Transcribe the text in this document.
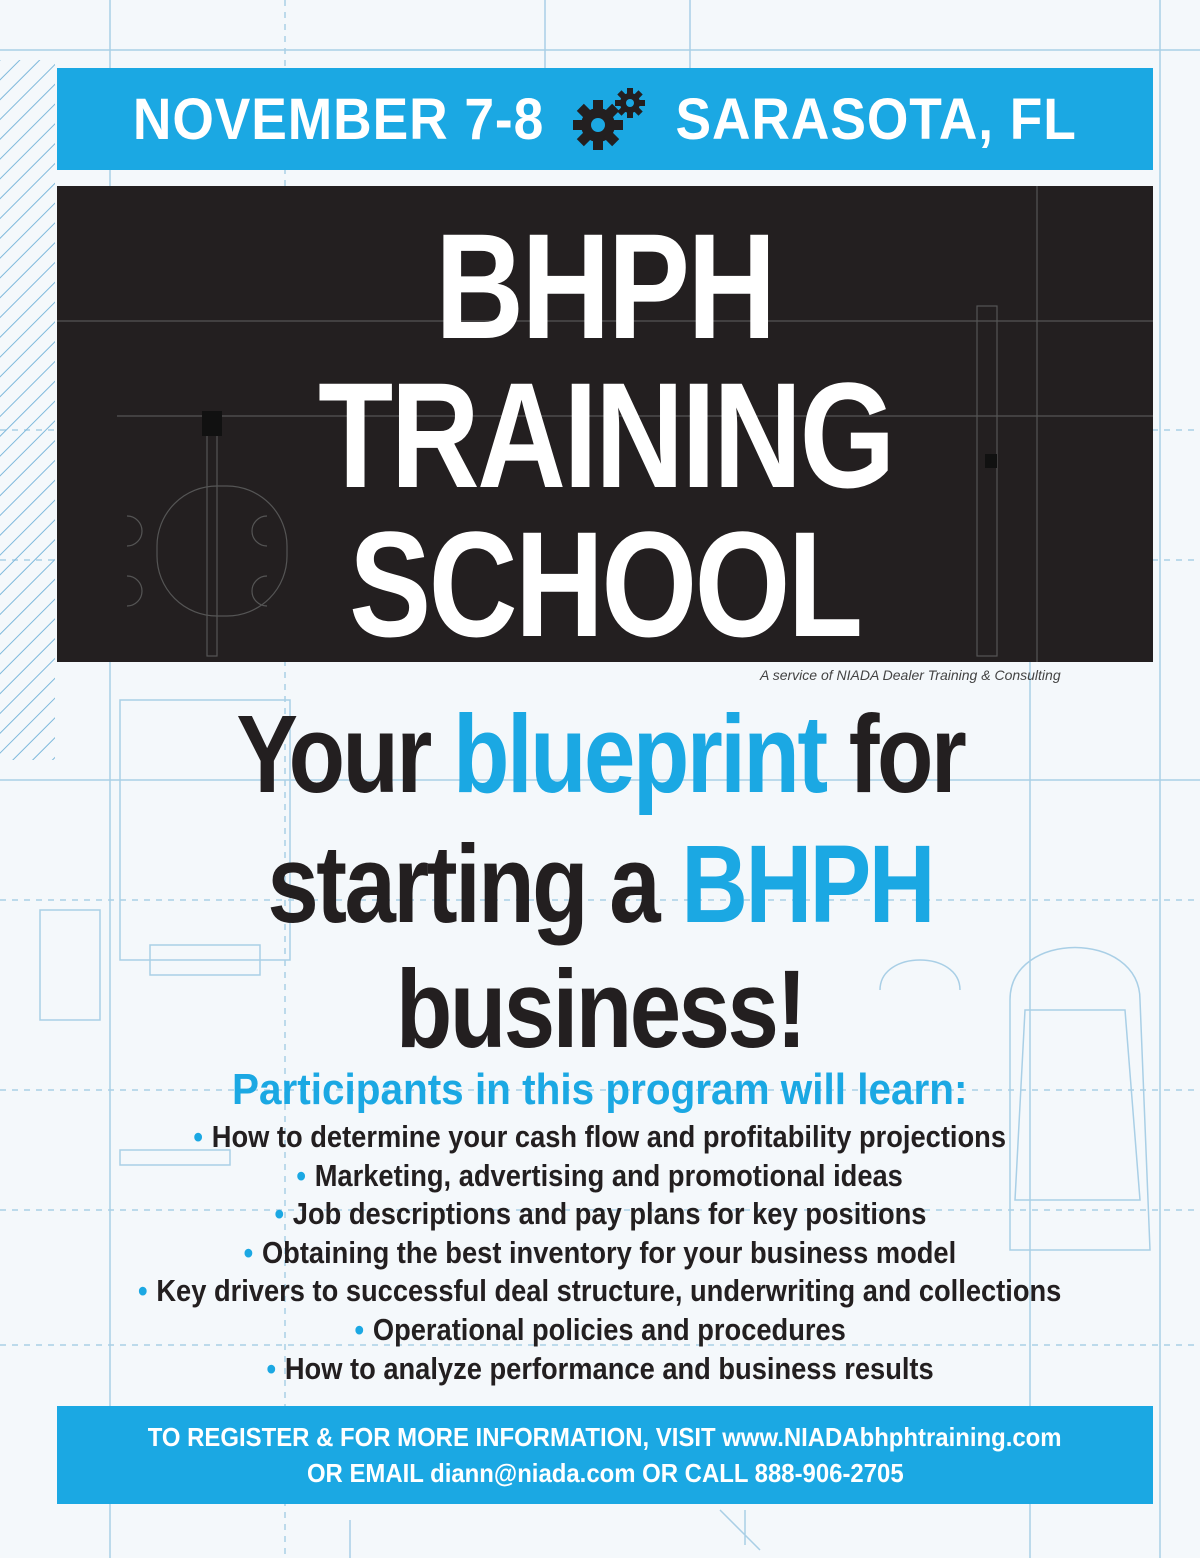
NOVEMBER 7-8 SARASOTA, FL
BHPH
TRAINING
SCHOOL
A service of NIADA Dealer Training & Consulting
Your blueprint for
starting a BHPH
business!
Participants in this program will learn:
• How to determine your cash flow and profitability projections
• Marketing, advertising and promotional ideas
• Job descriptions and pay plans for key positions
• Obtaining the best inventory for your business model
• Key drivers to successful deal structure, underwriting and collections
• Operational policies and procedures
• How to analyze performance and business results
TO REGISTER & FOR MORE INFORMATION, VISIT www.NIADAbhphtraining.com
OR EMAIL diann@niada.com OR CALL 888-906-2705
